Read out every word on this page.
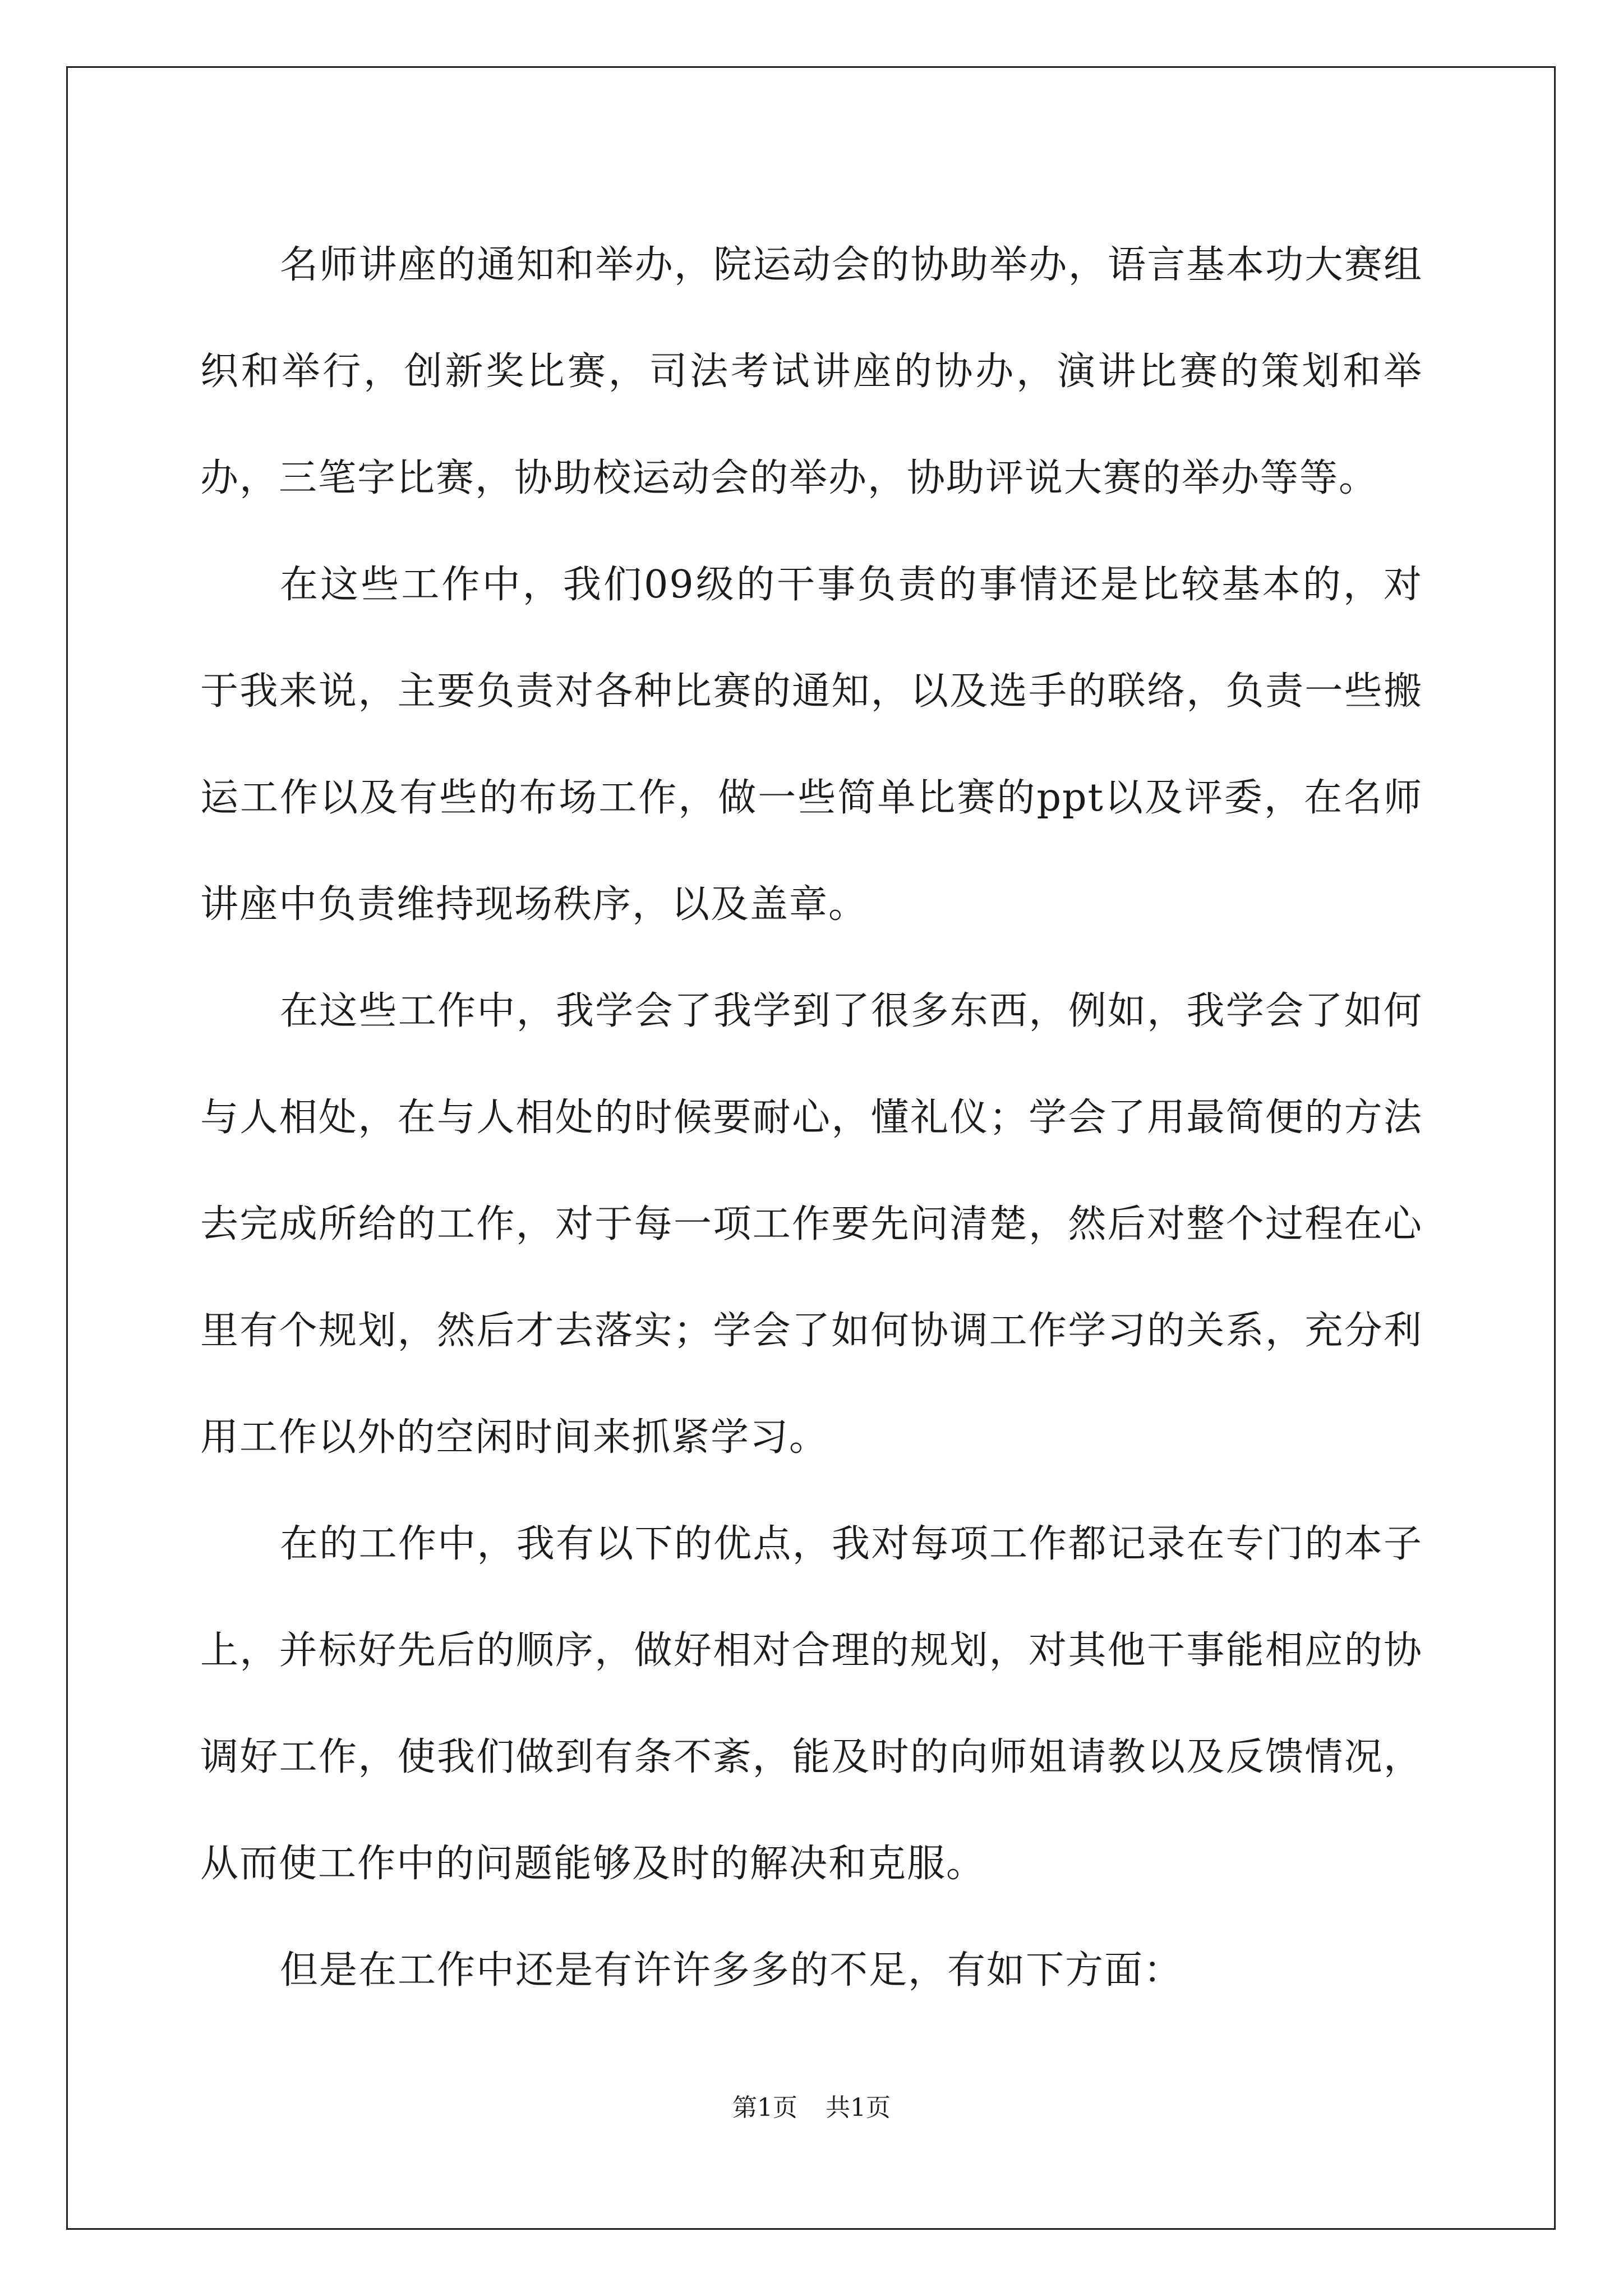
名师讲座的通知和举办，院运动会的协助举办，语言基本功大赛组织和举行，创新奖比赛，司法考试讲座的协办，演讲比赛的策划和举办，三笔字比赛，协助校运动会的举办，协助评说大赛的举办等等。

在这些工作中，我们09级的干事负责的事情还是比较基本的，对于我来说，主要负责对各种比赛的通知，以及选手的联络，负责一些搬运工作以及有些的布场工作，做一些简单比赛的ppt以及评委，在名师讲座中负责维持现场秩序，以及盖章。

在这些工作中，我学会了我学到了很多东西，例如，我学会了如何与人相处，在与人相处的时候要耐心，懂礼仪；学会了用最简便的方法去完成所给的工作，对于每一项工作要先问清楚，然后对整个过程在心里有个规划，然后才去落实；学会了如何协调工作学习的关系，充分利用工作以外的空闲时间来抓紧学习。

在的工作中，我有以下的优点，我对每项工作都记录在专门的本子上，并标好先后的顺序，做好相对合理的规划，对其他干事能相应的协调好工作，使我们做到有条不紊，能及时的向师姐请教以及反馈情况，从而使工作中的问题能够及时的解决和克服。

但是在工作中还是有许许多多的不足，有如下方面：

第1页 共1页
